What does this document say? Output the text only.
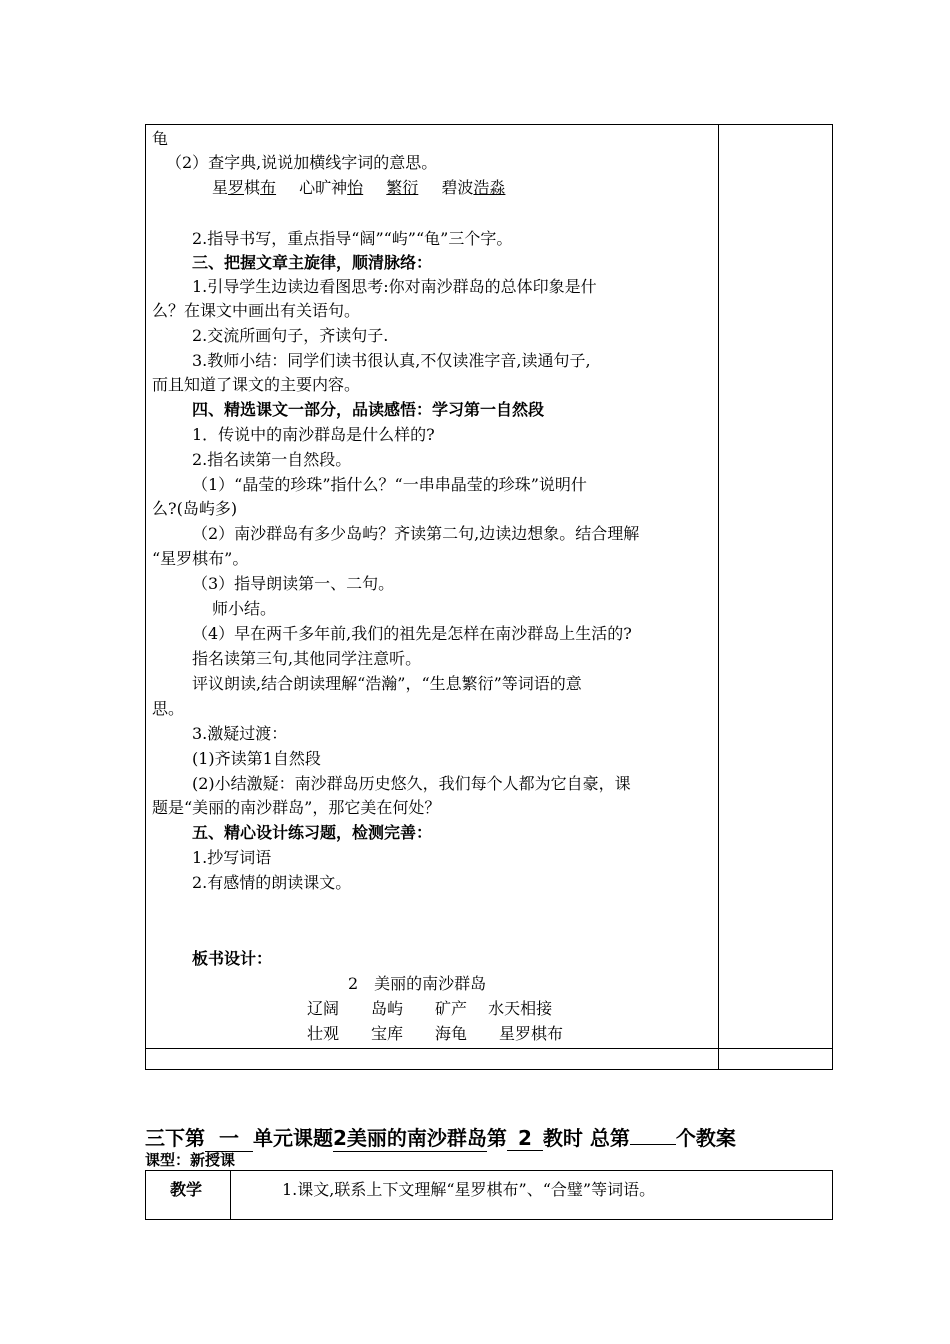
龟
（2）查字典,说说加横线字词的意思。
星罗棋布 心旷神怡 繁衍 碧波浩淼
2.指导书写，重点指导“阔”“屿”“龟”三个字。
三、把握文章主旋律，顺清脉络：
1.引导学生边读边看图思考:你对南沙群岛的总体印象是什
么？在课文中画出有关语句。
2.交流所画句子，齐读句子.
3.教师小结：同学们读书很认真,不仅读准字音,读通句子,
而且知道了课文的主要内容。
四、精选课文一部分，品读感悟：学习第一自然段
1．传说中的南沙群岛是什么样的?
2.指名读第一自然段。
（1）“晶莹的珍珠”指什么？“一串串晶莹的珍珠”说明什
么?(岛屿多)
（2）南沙群岛有多少岛屿？齐读第二句,边读边想象。结合理解
“星罗棋布”。
（3）指导朗读第一、二句。
师小结。
（4）早在两千多年前,我们的祖先是怎样在南沙群岛上生活的?
指名读第三句,其他同学注意听。
评议朗读,结合朗读理解“浩瀚”，“生息繁衍”等词语的意
思。
3.激疑过渡：
(1)齐读第1自然段
(2)小结激疑：南沙群岛历史悠久，我们每个人都为它自豪，课
题是“美丽的南沙群岛”，那它美在何处？
五、精心设计练习题，检测完善：
1.抄写词语
2.有感情的朗读课文。
板书设计：
2　美丽的南沙群岛
辽阔　　岛屿　　矿产　 水天相接
壮观　　宝库　　海龟　　星罗棋布
三下第 一 单元课题2美丽的南沙群岛第 2 教时 总第 个教案
课型：新授课
教学	1.课文,联系上下文理解“星罗棋布”、“合璧”等词语。
